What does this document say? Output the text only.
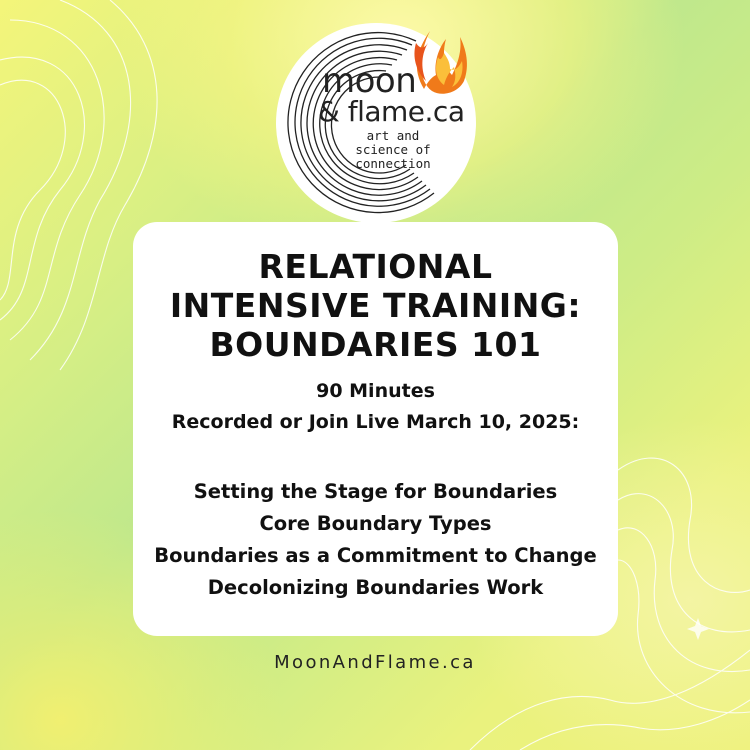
moon
& flame.ca
art and
science of
connection
RELATIONAL
INTENSIVE TRAINING:
BOUNDARIES 101
90 Minutes
Recorded or Join Live March 10, 2025:
Setting the Stage for Boundaries
Core Boundary Types
Boundaries as a Commitment to Change
Decolonizing Boundaries Work
MoonAndFlame.ca
